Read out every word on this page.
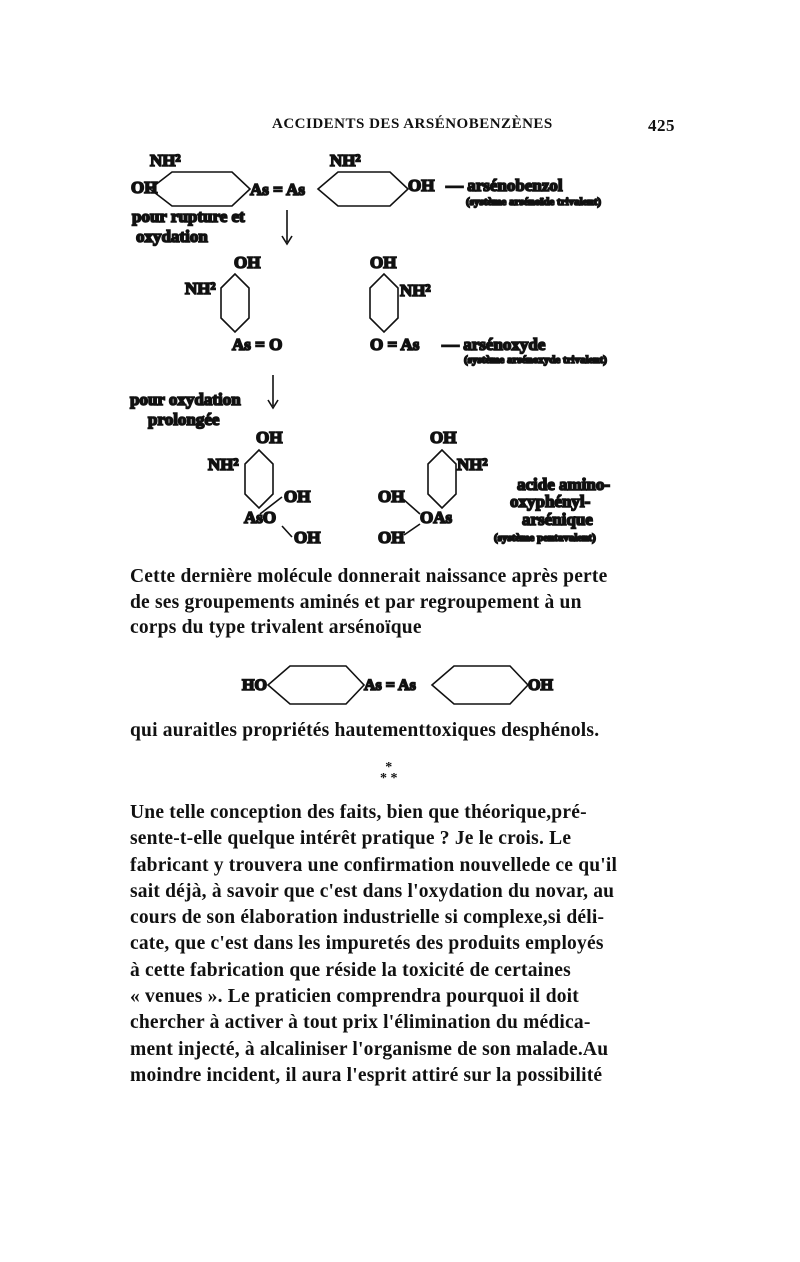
ACCIDENTS DES ARSÉNOBENZÈNES	425
NH²	NH²
OH	As = As	OH — arsénobenzol
(système arsénoïde trivalent)
pour rupture et
oxydation
OH
NH²
As = O
OH
NH²
O = As — arsénoxyde
(système arsénoxyde trivalent)
pour oxydation
prolongée
OH
NH²
OH
AsO
OH
OH
NH²
OH
OAs
OH
acide amino-
oxyphényl-
arsénique
(système pentavalent)
HO	As = As	OH
Cette dernière molécule donnerait naissance après perte
de ses groupements aminés et par regroupement à un
corps du type trivalent arsénoïque
qui auraitles propriétés hautementtoxiques desphénols.
*
* *
Une telle conception des faits, bien que théorique,pré-
sente-t-elle quelque intérêt pratique ? Je le crois. Le
fabricant y trouvera une confirmation nouvellede ce qu'il
sait déjà, à savoir que c'est dans l'oxydation du novar, au
cours de son élaboration industrielle si complexe,si déli-
cate, que c'est dans les impuretés des produits employés
à cette fabrication que réside la toxicité de certaines
« venues ». Le praticien comprendra pourquoi il doit
chercher à activer à tout prix l'élimination du médica-
ment injecté, à alcaliniser l'organisme de son malade.Au
moindre incident, il aura l'esprit attiré sur la possibilité
